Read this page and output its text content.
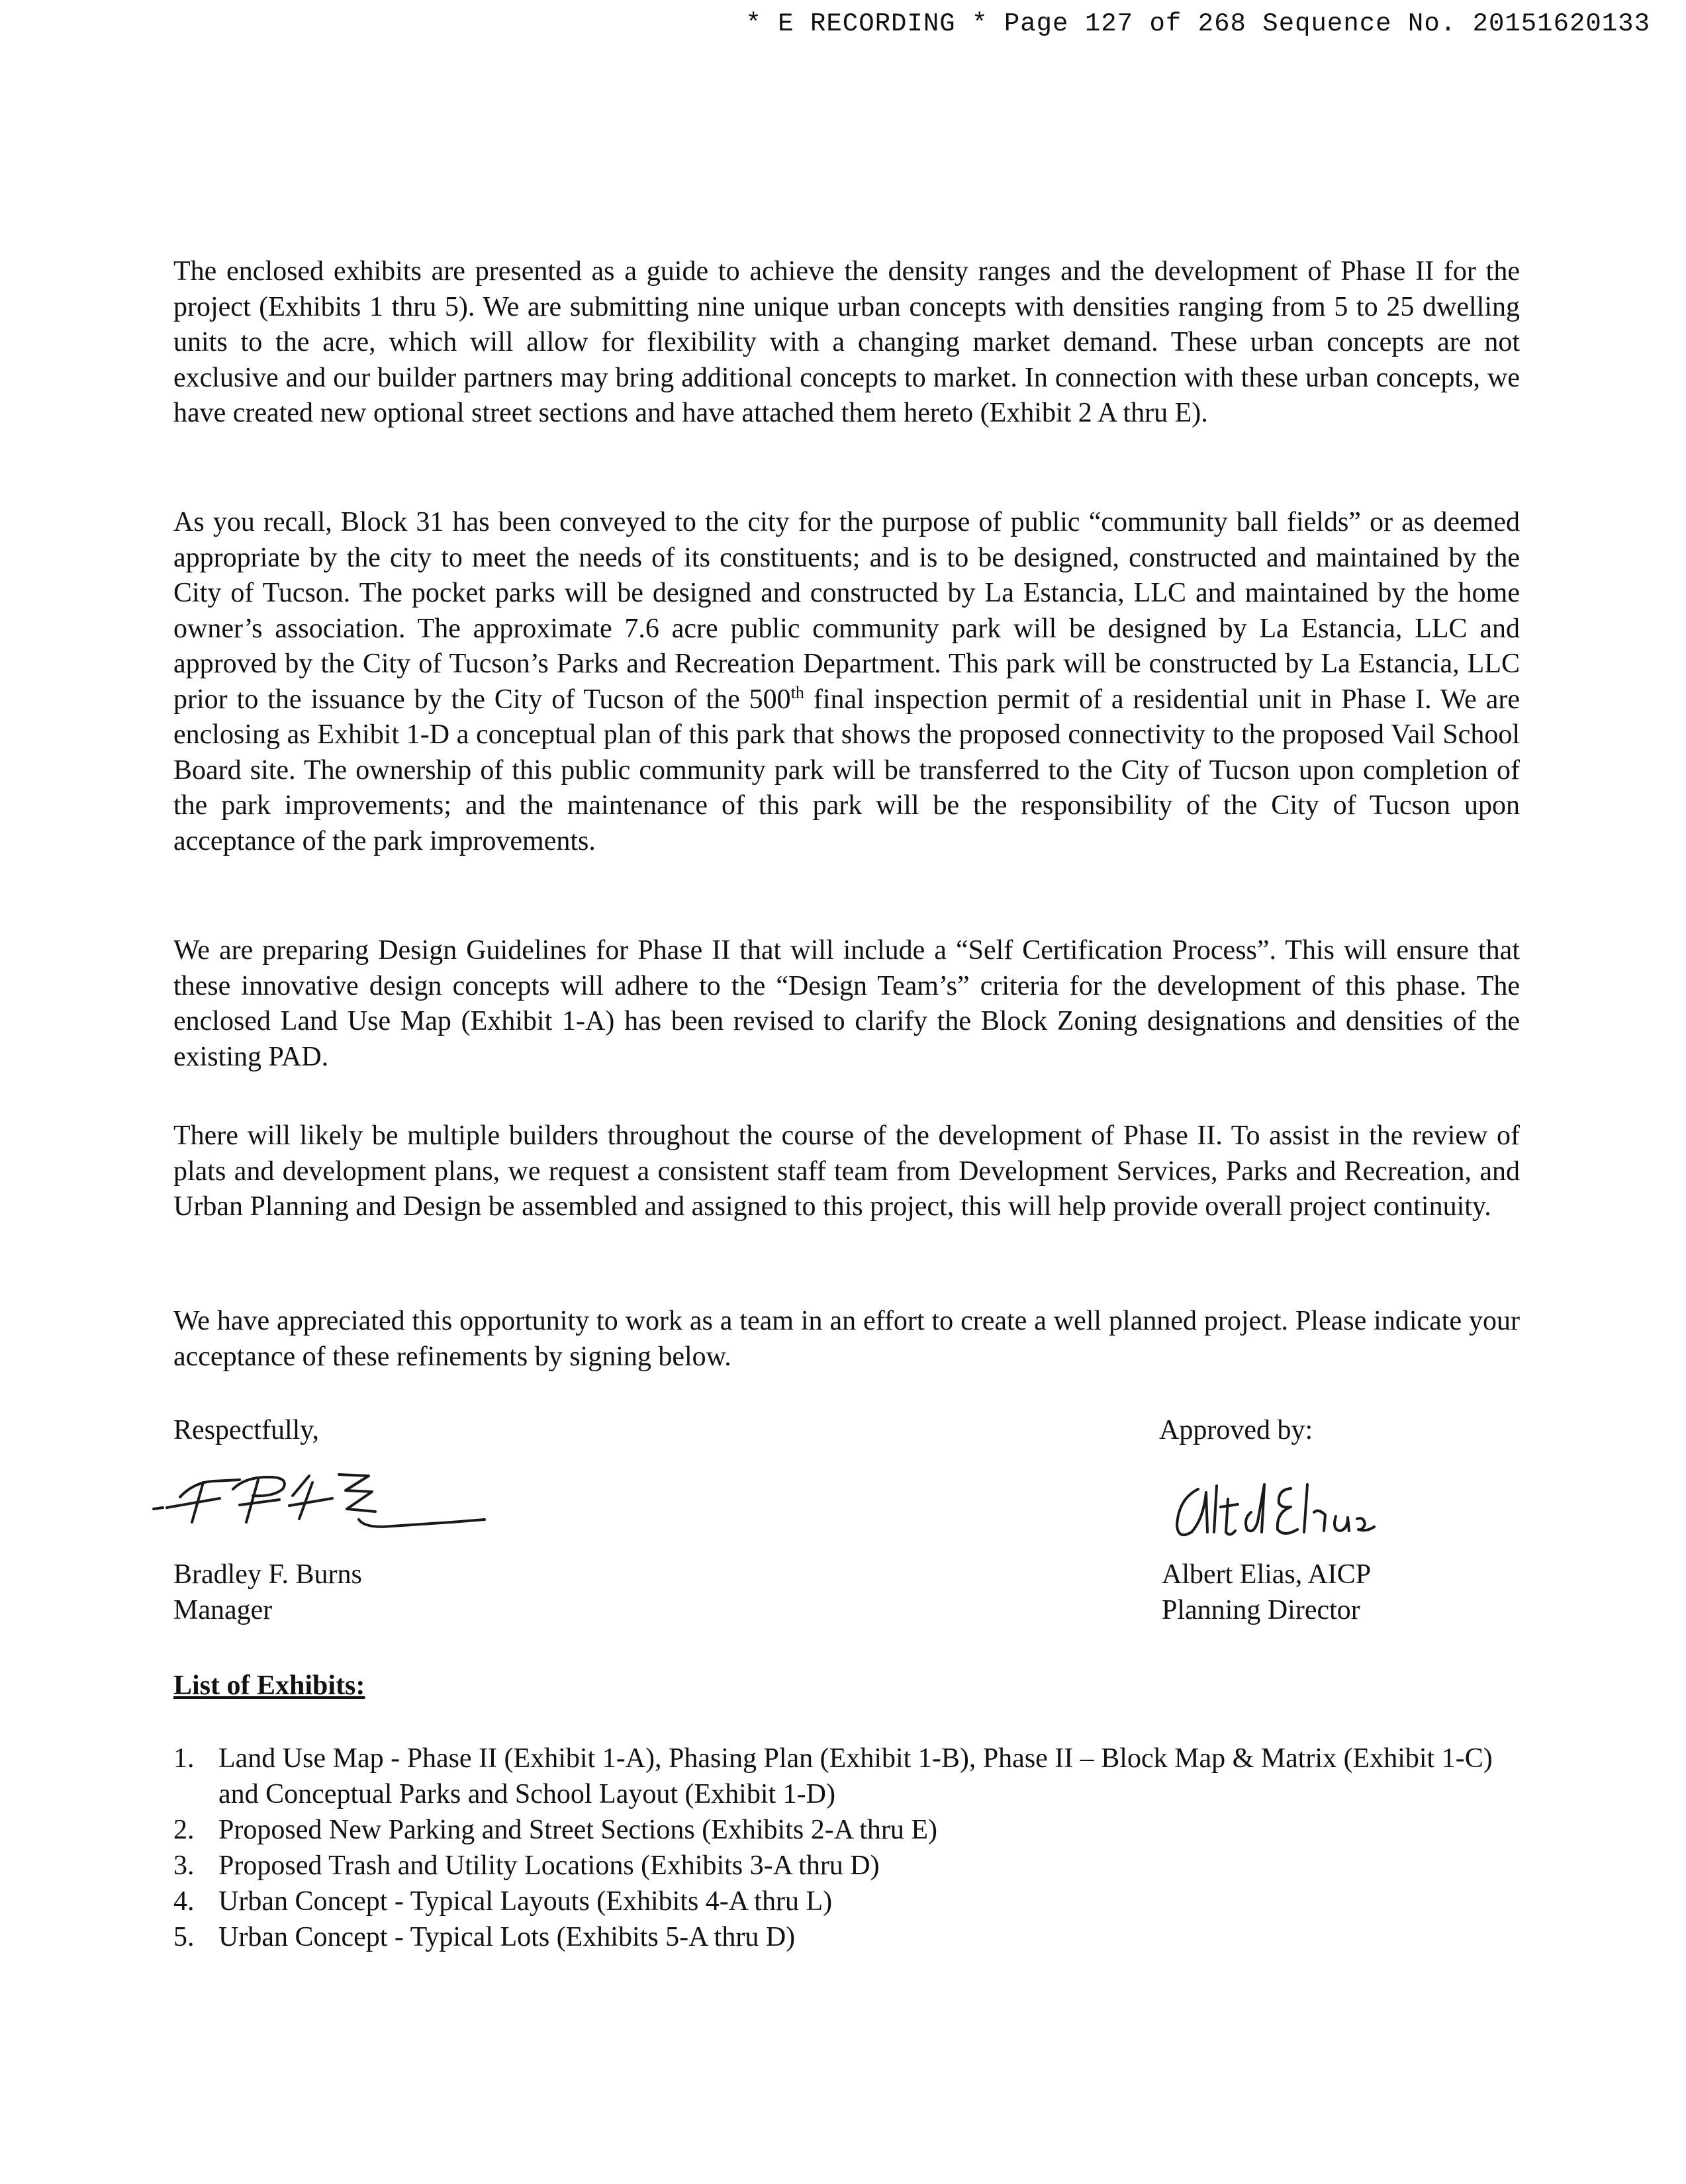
* E RECORDING * Page 127 of 268 Sequence No. 20151620133

The enclosed exhibits are presented as a guide to achieve the density ranges and the development of Phase II for the project (Exhibits 1 thru 5). We are submitting nine unique urban concepts with densities ranging from 5 to 25 dwelling units to the acre, which will allow for flexibility with a changing market demand. These urban concepts are not exclusive and our builder partners may bring additional concepts to market. In connection with these urban concepts, we have created new optional street sections and have attached them hereto (Exhibit 2 A thru E).

As you recall, Block 31 has been conveyed to the city for the purpose of public “community ball fields” or as deemed appropriate by the city to meet the needs of its constituents; and is to be designed, constructed and maintained by the City of Tucson. The pocket parks will be designed and constructed by La Estancia, LLC and maintained by the home owner’s association. The approximate 7.6 acre public community park will be designed by La Estancia, LLC and approved by the City of Tucson’s Parks and Recreation Department. This park will be constructed by La Estancia, LLC prior to the issuance by the City of Tucson of the 500th final inspection permit of a residential unit in Phase I. We are enclosing as Exhibit 1-D a conceptual plan of this park that shows the proposed connectivity to the proposed Vail School Board site. The ownership of this public community park will be transferred to the City of Tucson upon completion of the park improvements; and the maintenance of this park will be the responsibility of the City of Tucson upon acceptance of the park improvements.

We are preparing Design Guidelines for Phase II that will include a “Self Certification Process”. This will ensure that these innovative design concepts will adhere to the “Design Team’s” criteria for the development of this phase. The enclosed Land Use Map (Exhibit 1-A) has been revised to clarify the Block Zoning designations and densities of the existing PAD.

There will likely be multiple builders throughout the course of the development of Phase II. To assist in the review of plats and development plans, we request a consistent staff team from Development Services, Parks and Recreation, and Urban Planning and Design be assembled and assigned to this project, this will help provide overall project continuity.

We have appreciated this opportunity to work as a team in an effort to create a well planned project. Please indicate your acceptance of these refinements by signing below.

Respectfully,	Approved by:
Bradley F. Burns
Manager
Albert Elias, AICP
Planning Director
List of Exhibits:
1. Land Use Map - Phase II (Exhibit 1-A), Phasing Plan (Exhibit 1-B), Phase II – Block Map & Matrix (Exhibit 1-C) and Conceptual Parks and School Layout (Exhibit 1-D)
2. Proposed New Parking and Street Sections (Exhibits 2-A thru E)
3. Proposed Trash and Utility Locations (Exhibits 3-A thru D)
4. Urban Concept - Typical Layouts (Exhibits 4-A thru L)
5. Urban Concept - Typical Lots (Exhibits 5-A thru D)
